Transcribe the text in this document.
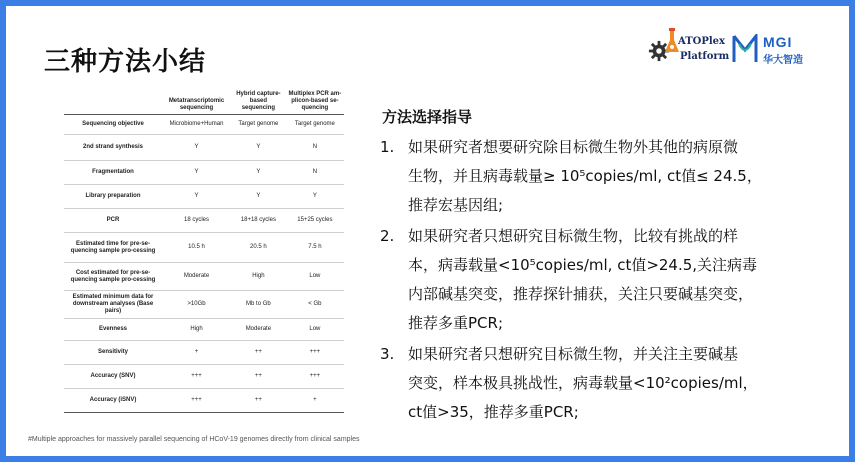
三种方法小结
ATOPlex
Platform
MGI
华大智造
	Metatranscriptomic sequencing	Hybrid capture-based sequencing	Multiplex PCR am-plicon-based se-quencing
Sequencing objective	Microbiome+Human	Target genome	Target genome
2nd strand synthesis	Y	Y	N
Fragmentation	Y	Y	N
Library preparation	Y	Y	Y
PCR	18 cycles	18+18 cycles	15+25 cycles
Estimated time for pre-se-quencing sample pro-cessing	10.5 h	20.5 h	7.5 h
Cost estimated for pre-se-quencing sample pro-cessing	Moderate	High	Low
Estimated minimum data for downstream analyses (Base pairs)	>10Gb	Mb to Gb	< Gb
Evenness	High	Moderate	Low
Sensitivity	+	++	+++
Accuracy (SNV)	+++	++	+++
Accuracy (iSNV)	+++	++	+
#Multiple approaches for massively parallel sequencing of HCoV-19 genomes directly from clinical samples
方法选择指导
1. 如果研究者想要研究除目标微生物外其他的病原微
生物，并且病毒载量≥ 10⁵copies/ml, ct值≤ 24.5，
推荐宏基因组;
2. 如果研究者只想研究目标微生物，比较有挑战的样
本，病毒载量<10⁵copies/ml, ct值>24.5,关注病毒
内部碱基突变，推荐探针捕获，关注只要碱基突变，
推荐多重PCR;
3. 如果研究者只想研究目标微生物，并关注主要碱基
突变，样本极具挑战性，病毒载量<10²copies/ml，
ct值>35，推荐多重PCR;
